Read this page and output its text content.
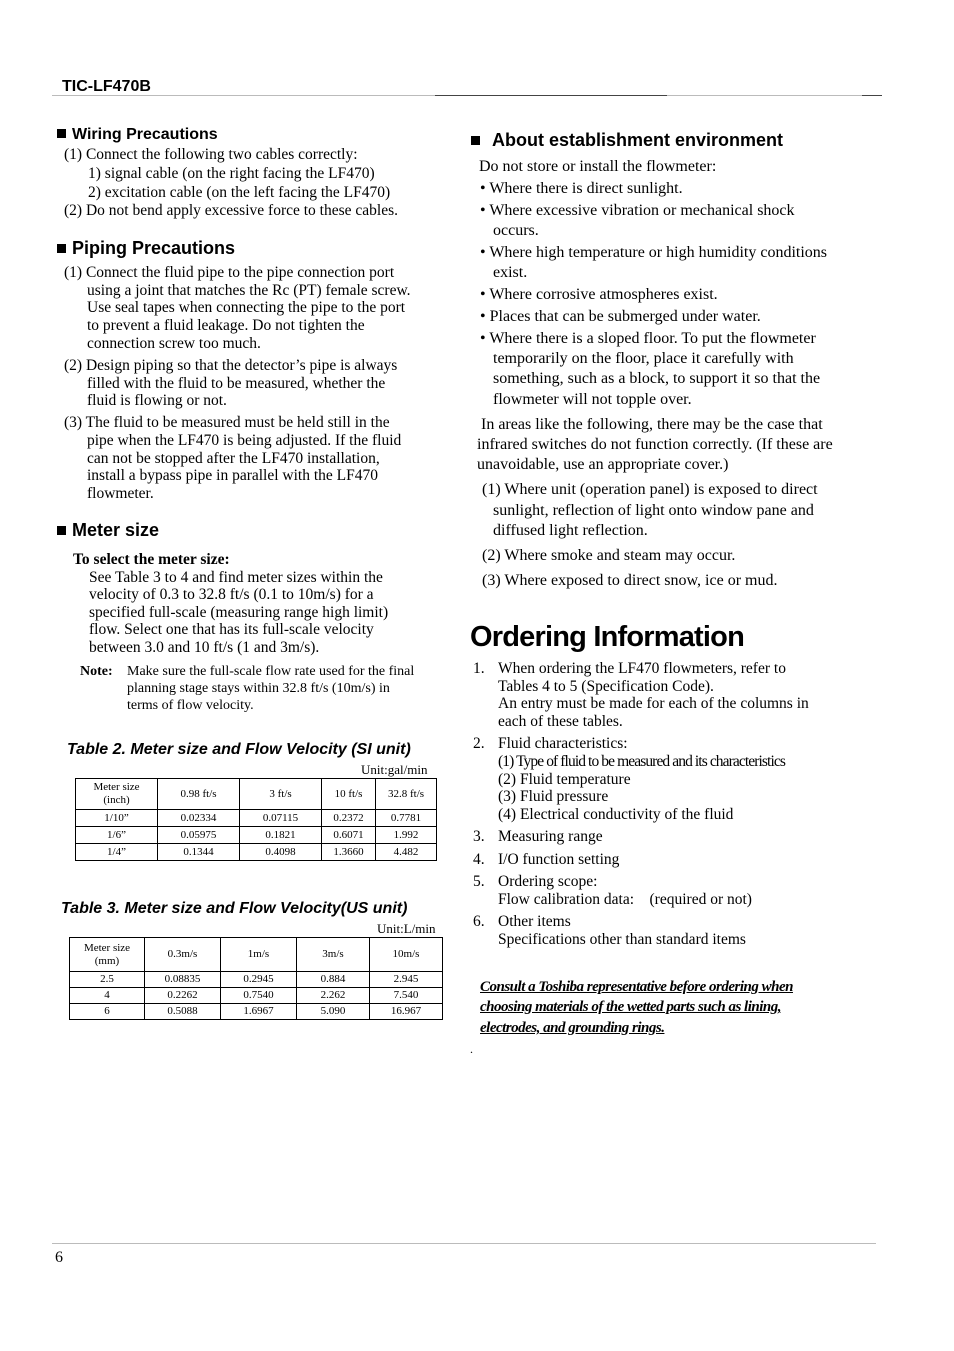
TIC-LF470B
Wiring Precautions
(1) Connect the following two cables correctly:
1) signal cable (on the right facing the LF470)
2) excitation cable (on the left facing the LF470)
(2) Do not bend apply excessive force to these cables.
Piping Precautions
(1) Connect the fluid pipe to the pipe connection port
using a joint that matches the Rc (PT) female screw.
Use seal tapes when connecting the pipe to the port
to prevent a fluid leakage. Do not tighten the
connection screw too much.
(2) Design piping so that the detector’s pipe is always
filled with the fluid to be measured, whether the
fluid is flowing or not.
(3) The fluid to be measured must be held still in the
pipe when the LF470 is being adjusted. If the fluid
can not be stopped after the LF470 installation,
install a bypass pipe in parallel with the LF470
flowmeter.
Meter size
To select the meter size:
See Table 3 to 4 and find meter sizes within the
velocity of 0.3 to 32.8 ft/s (0.1 to 10m/s) for a
specified full-scale (measuring range high limit)
flow. Select one that has its full-scale velocity
between 3.0 and 10 ft/s (1 and 3m/s).
Note: Make sure the full-scale flow rate used for the final
planning stage stays within 32.8 ft/s (10m/s) in
terms of flow velocity.
Table 2. Meter size and Flow Velocity (SI unit)
Unit:gal/min
Meter size
(inch)	0.98 ft/s	3 ft/s	10 ft/s	32.8 ft/s
1/10”	0.02334	0.07115	0.2372	0.7781
1/6”	0.05975	0.1821	0.6071	1.992
1/4”	0.1344	0.4098	1.3660	4.482
Table 3. Meter size and Flow Velocity(US unit)
Unit:L/min
Meter size
(mm)	0.3m/s	1m/s	3m/s	10m/s
2.5	0.08835	0.2945	0.884	2.945
4	0.2262	0.7540	2.262	7.540
6	0.5088	1.6967	5.090	16.967
About establishment environment
Do not store or install the flowmeter:
• Where there is direct sunlight.
• Where excessive vibration or mechanical shock
occurs.
• Where high temperature or high humidity conditions
exist.
• Where corrosive atmospheres exist.
• Places that can be submerged under water.
• Where there is a sloped floor. To put the flowmeter
temporarily on the floor, place it carefully with
something, such as a block, to support it so that the
flowmeter will not topple over.
In areas like the following, there may be the case that
infrared switches do not function correctly. (If these are
unavoidable, use an appropriate cover.)
(1) Where unit (operation panel) is exposed to direct
sunlight, reflection of light onto window pane and
diffused light reflection.
(2) Where smoke and steam may occur.
(3) Where exposed to direct snow, ice or mud.
Ordering Information
1. When ordering the LF470 flowmeters, refer to
Tables 4 to 5 (Specification Code).
An entry must be made for each of the columns in
each of these tables.
2. Fluid characteristics:
(1) Type of fluid to be measured and its characteristics
(2) Fluid temperature
(3) Fluid pressure
(4) Electrical conductivity of the fluid
3. Measuring range
4. I/O function setting
5. Ordering scope:
Flow calibration data:    (required or not)
6. Other items
Specifications other than standard items
Consult a Toshiba representative before ordering when
choosing materials of the wetted parts such as lining,
electrodes, and grounding rings.
.
6
